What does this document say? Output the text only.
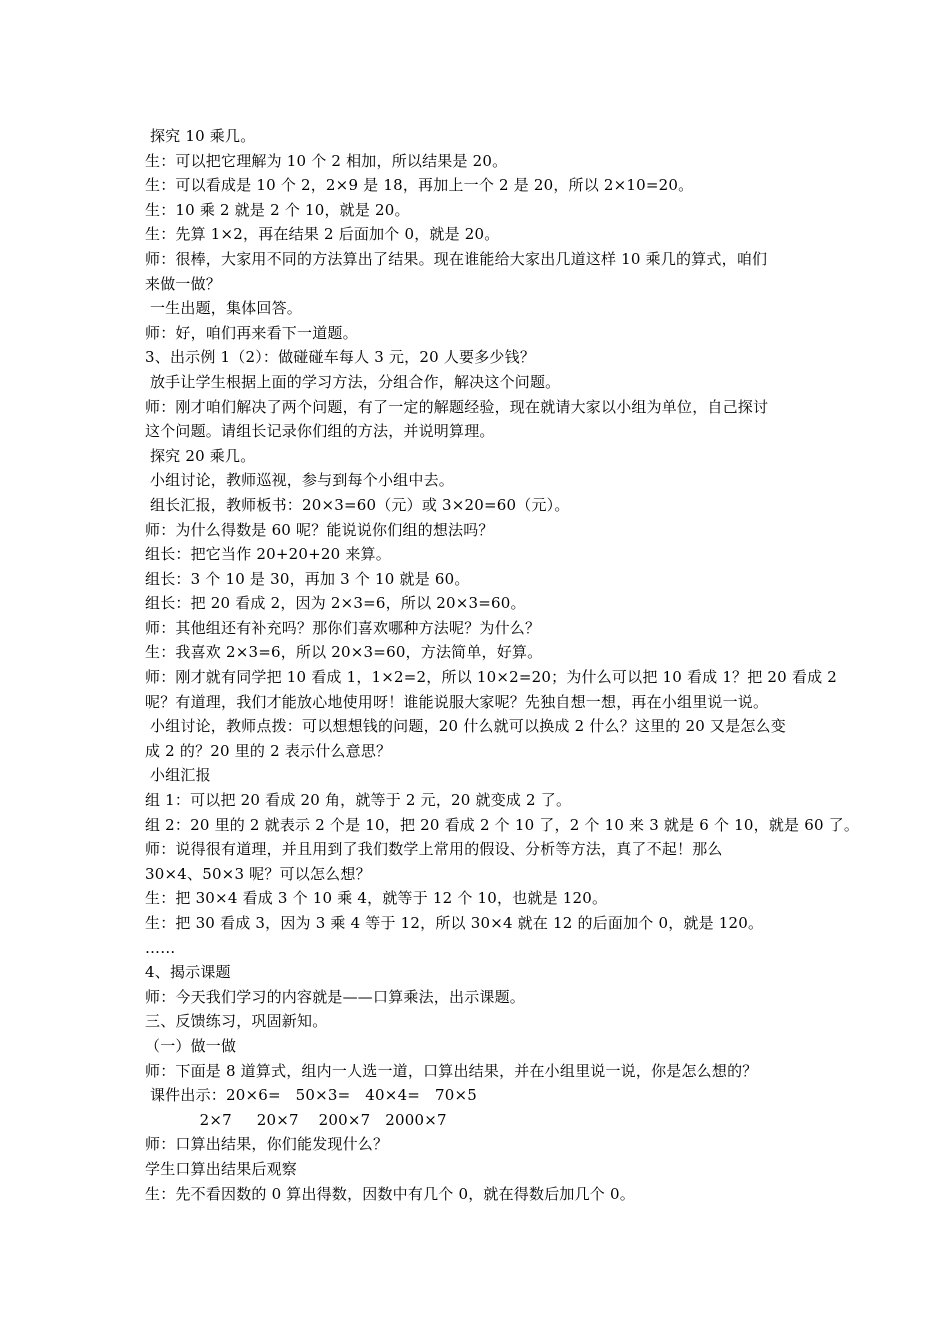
探究 10 乘几。
生：可以把它理解为 10 个 2 相加，所以结果是 20。
生：可以看成是 10 个 2，2×9 是 18，再加上一个 2 是 20，所以 2×10=20。
生：10 乘 2 就是 2 个 10，就是 20。
生：先算 1×2，再在结果 2 后面加个 0，就是 20。
师：很棒，大家用不同的方法算出了结果。现在谁能给大家出几道这样 10 乘几的算式，咱们
来做一做？
一生出题，集体回答。
师：好，咱们再来看下一道题。
3、出示例 1（2）：做碰碰车每人 3 元，20 人要多少钱？
放手让学生根据上面的学习方法，分组合作，解决这个问题。
师：刚才咱们解决了两个问题，有了一定的解题经验，现在就请大家以小组为单位，自己探讨
这个问题。请组长记录你们组的方法，并说明算理。
探究 20 乘几。
小组讨论，教师巡视，参与到每个小组中去。
组长汇报，教师板书：20×3=60（元）或 3×20=60（元）。
师：为什么得数是 60 呢？能说说你们组的想法吗？
组长：把它当作 20+20+20 来算。
组长：3 个 10 是 30，再加 3 个 10 就是 60。
组长：把 20 看成 2，因为 2×3=6，所以 20×3=60。
师：其他组还有补充吗？那你们喜欢哪种方法呢？为什么？
生：我喜欢 2×3=6，所以 20×3=60，方法简单，好算。
师：刚才就有同学把 10 看成 1，1×2=2，所以 10×2=20；为什么可以把 10 看成 1？把 20 看成 2
呢？有道理，我们才能放心地使用呀！谁能说服大家呢？先独自想一想，再在小组里说一说。
小组讨论，教师点拨：可以想想钱的问题，20 什么就可以换成 2 什么？这里的 20 又是怎么变
成 2 的？20 里的 2 表示什么意思？
小组汇报
组 1：可以把 20 看成 20 角，就等于 2 元，20 就变成 2 了。
组 2：20 里的 2 就表示 2 个是 10，把 20 看成 2 个 10 了，2 个 10 来 3 就是 6 个 10，就是 60 了。
师：说得很有道理，并且用到了我们数学上常用的假设、分析等方法，真了不起！那么
30×4、50×3 呢？可以怎么想？
生：把 30×4 看成 3 个 10 乘 4，就等于 12 个 10，也就是 120。
生：把 30 看成 3，因为 3 乘 4 等于 12，所以 30×4 就在 12 的后面加个 0，就是 120。
……
4、揭示课题
师：今天我们学习的内容就是——口算乘法，出示课题。
三、反馈练习，巩固新知。
（一）做一做
师：下面是 8 道算式，组内一人选一道，口算出结果，并在小组里说一说，你是怎么想的？
课件出示：20×6=   50×3=   40×4=   70×5
2×7     20×7    200×7   2000×7
师：口算出结果，你们能发现什么？
学生口算出结果后观察
生：先不看因数的 0 算出得数，因数中有几个 0，就在得数后加几个 0。
